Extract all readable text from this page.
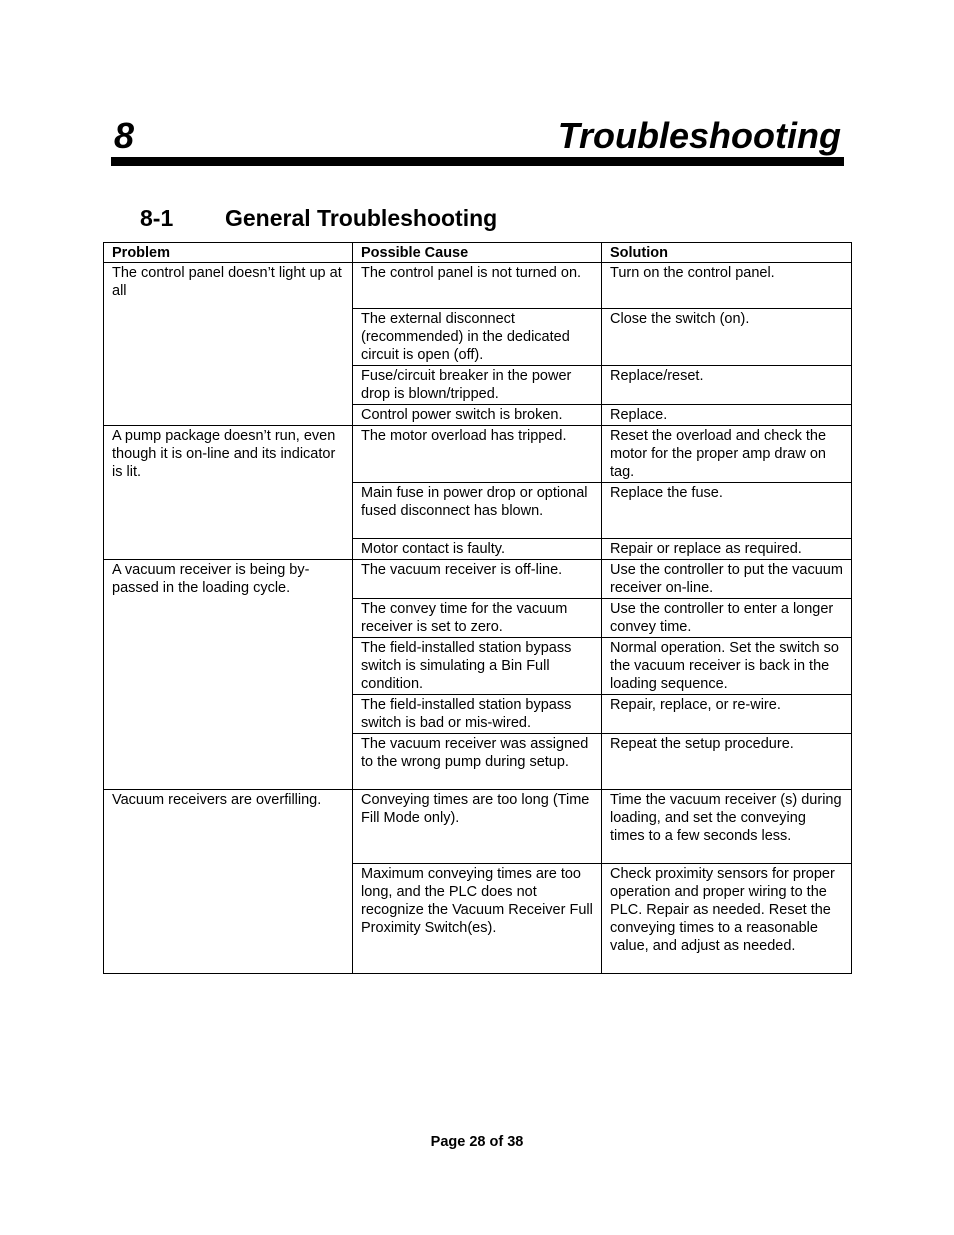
8	Troubleshooting
8-1 General Troubleshooting
Problem	Possible Cause	Solution
The control panel doesn’t light up at all	The control panel is not turned on.	Turn on the control panel.
	The external disconnect (recommended) in the dedicated circuit is open (off).	Close the switch (on).
	Fuse/circuit breaker in the power drop is blown/tripped.	Replace/reset.
	Control power switch is broken.	Replace.
A pump package doesn’t run, even though it is on-line and its indicator is lit.	The motor overload has tripped.	Reset the overload and check the motor for the proper amp draw on tag.
	Main fuse in power drop or optional fused disconnect has blown.	Replace the fuse.
	Motor contact is faulty.	Repair or replace as required.
A vacuum receiver is being by-passed in the loading cycle.	The vacuum receiver is off-line.	Use the controller to put the vacuum receiver on-line.
	The convey time for the vacuum receiver is set to zero.	Use the controller to enter a longer convey time.
	The field-installed station bypass switch is simulating a Bin Full condition.	Normal operation. Set the switch so the vacuum receiver is back in the loading sequence.
	The field-installed station bypass switch is bad or mis-wired.	Repair, replace, or re-wire.
	The vacuum receiver was assigned to the wrong pump during setup.	Repeat the setup procedure.
Vacuum receivers are overfilling.	Conveying times are too long (Time Fill Mode only).	Time the vacuum receiver (s) during loading, and set the conveying times to a few seconds less.
	Maximum conveying times are too long, and the PLC does not recognize the Vacuum Receiver Full Proximity Switch(es).	Check proximity sensors for proper operation and proper wiring to the PLC. Repair as needed. Reset the conveying times to a reasonable value, and adjust as needed.
Page 28 of 38
